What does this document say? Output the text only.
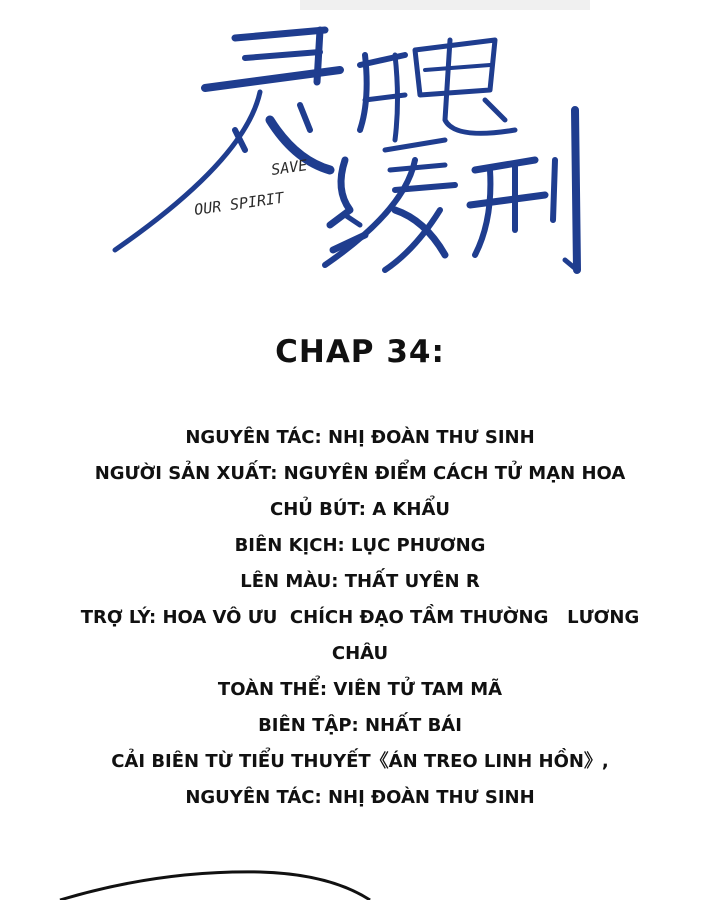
SAVE
OUR SPIRIT
CHAP 34:
NGUYÊN TÁC: NHỊ ĐOÀN THƯ SINH
NGƯỜI SẢN XUẤT: NGUYÊN ĐIỂM CÁCH TỬ MẠN HOA
CHỦ BÚT: A KHẨU
BIÊN KỊCH: LỤC PHƯƠNG
LÊN MÀU: THẤT UYÊN R
TRỢ LÝ: HOA VÔ ƯU  CHÍCH ĐẠO TẦM THƯỜNG   LƯƠNG
CHÂU
TOÀN THỂ: VIÊN TỬ TAM MÃ
BIÊN TẬP: NHẤT BÁI
CẢI BIÊN TỪ TIỂU THUYẾT《ÁN TREO LINH HỒN》,
NGUYÊN TÁC: NHỊ ĐOÀN THƯ SINH
